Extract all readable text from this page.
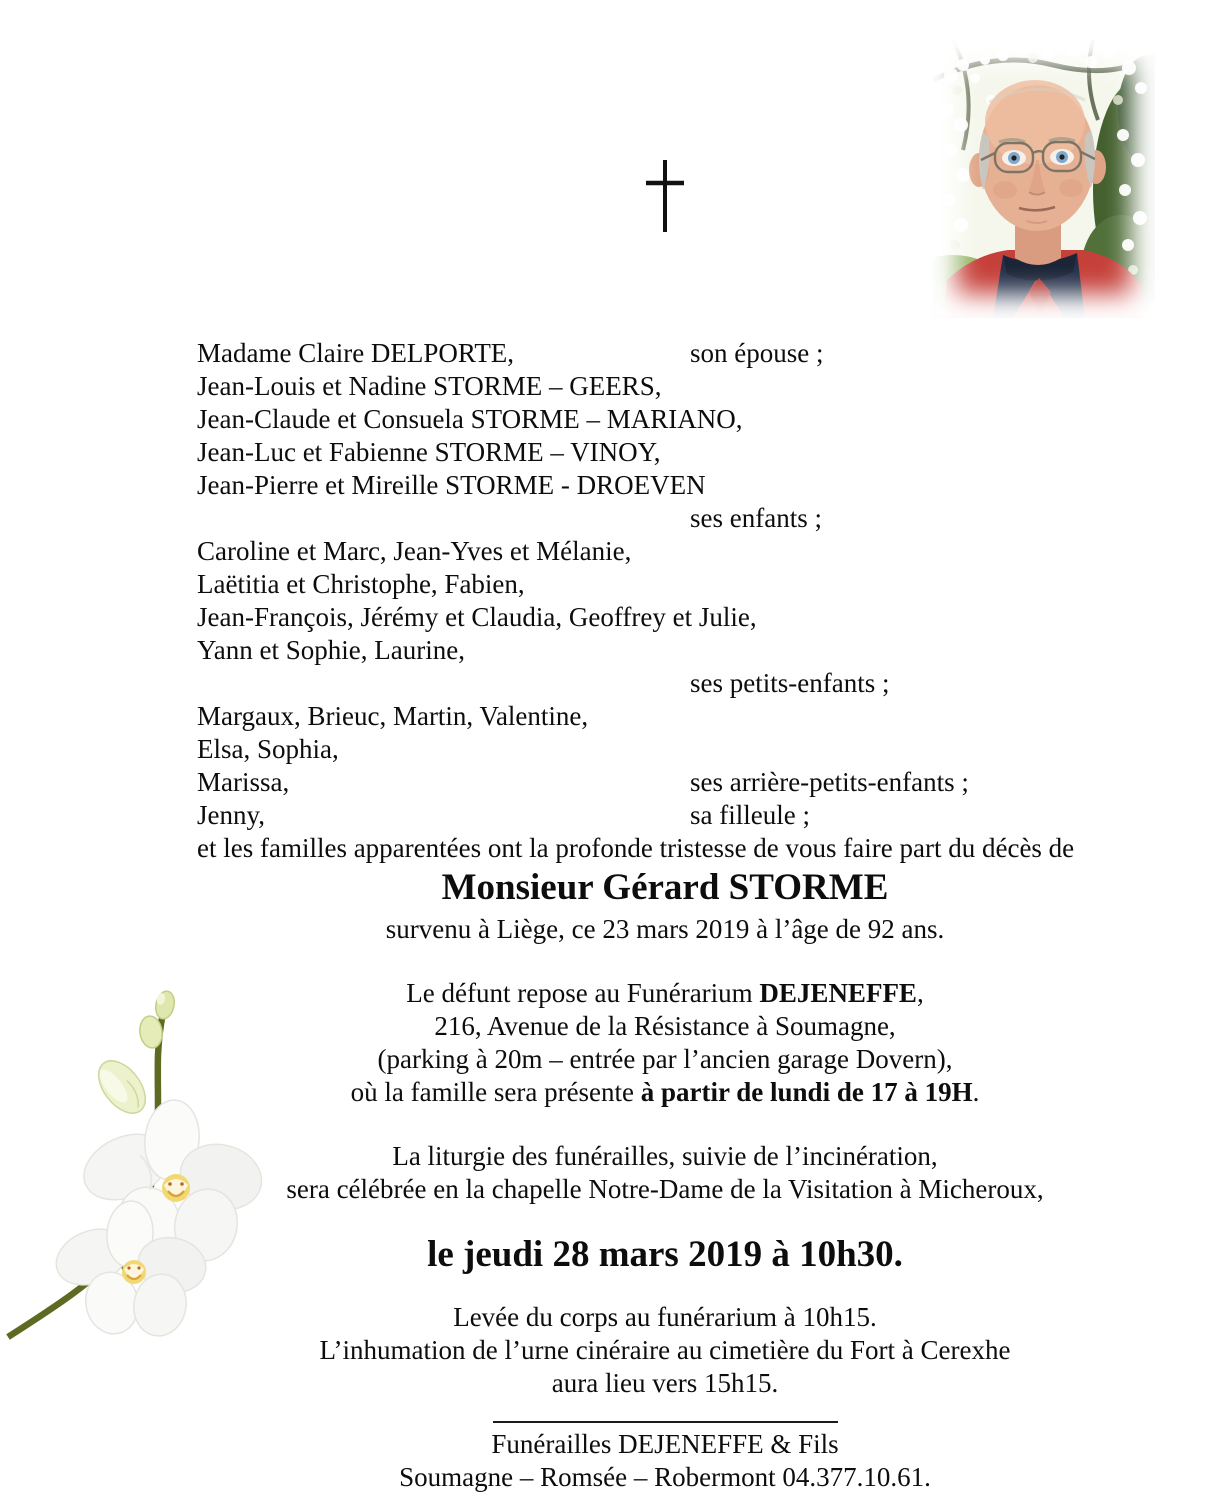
Madame Claire DELPORTE,	son épouse ;
Jean-Louis et Nadine STORME – GEERS,
Jean-Claude et Consuela STORME – MARIANO,
Jean-Luc et Fabienne STORME – VINOY,
Jean-Pierre et Mireille STORME - DROEVEN
ses enfants ;
Caroline et Marc, Jean-Yves et Mélanie,
Laëtitia et Christophe, Fabien,
Jean-François, Jérémy et Claudia, Geoffrey et Julie,
Yann et Sophie, Laurine,
ses petits-enfants ;
Margaux, Brieuc, Martin, Valentine,
Elsa, Sophia,
Marissa,	ses arrière-petits-enfants ;
Jenny,	sa filleule ;
et les familles apparentées ont la profonde tristesse de vous faire part du décès de
Monsieur Gérard STORME
survenu à Liège, ce 23 mars 2019 à l’âge de 92 ans.
Le défunt repose au Funérarium DEJENEFFE,
216, Avenue de la Résistance à Soumagne,
(parking à 20m – entrée par l’ancien garage Dovern),
où la famille sera présente à partir de lundi de 17 à 19H.
La liturgie des funérailles, suivie de l’incinération,
sera célébrée en la chapelle Notre-Dame de la Visitation à Micheroux,
le jeudi 28 mars 2019 à 10h30.
Levée du corps au funérarium à 10h15.
L’inhumation de l’urne cinéraire au cimetière du Fort à Cerexhe
aura lieu vers 15h15.
Funérailles DEJENEFFE & Fils
Soumagne – Romsée – Robermont 04.377.10.61.
